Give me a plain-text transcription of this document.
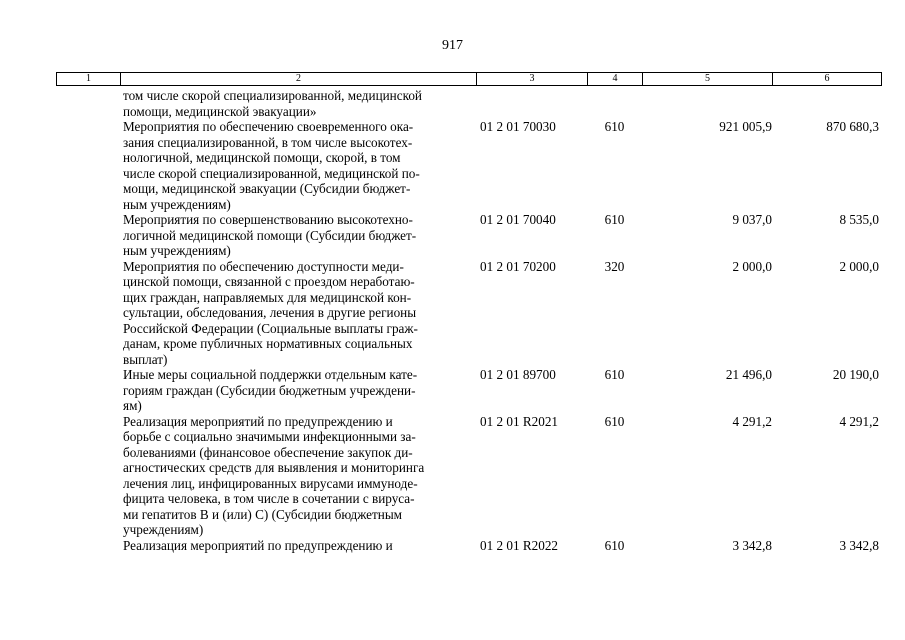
917
1	2	3	4	5	6
том числе скорой специализированной, медицинской
помощи, медицинской эвакуации»
Мероприятия по обеспечению своевременного ока-
зания специализированной, в том числе высокотех-
нологичной, медицинской помощи, скорой, в том
числе скорой специализированной, медицинской по-
мощи, медицинской эвакуации (Субсидии бюджет-
ным учреждениям)
01 2 01 70030	610	921 005,9	870 680,3
Мероприятия по совершенствованию высокотехно-
логичной медицинской помощи (Субсидии бюджет-
ным учреждениям)
01 2 01 70040	610	9 037,0	8 535,0
Мероприятия по обеспечению доступности меди-
цинской помощи, связанной с проездом неработаю-
щих граждан, направляемых для медицинской кон-
сультации, обследования, лечения в другие регионы
Российской Федерации (Социальные выплаты граж-
данам, кроме публичных нормативных социальных
выплат)
01 2 01 70200	320	2 000,0	2 000,0
Иные меры социальной поддержки отдельным кате-
гориям граждан (Субсидии бюджетным учреждени-
ям)
01 2 01 89700	610	21 496,0	20 190,0
Реализация мероприятий по предупреждению и
борьбе с социально значимыми инфекционными за-
болеваниями (финансовое обеспечение закупок ди-
агностических средств для выявления и мониторинга
лечения лиц, инфицированных вирусами иммуноде-
фицита человека, в том числе в сочетании с вируса-
ми гепатитов B и (или) C) (Субсидии бюджетным
учреждениям)
01 2 01 R2021	610	4 291,2	4 291,2
Реализация мероприятий по предупреждению и	01 2 01 R2022	610	3 342,8	3 342,8
